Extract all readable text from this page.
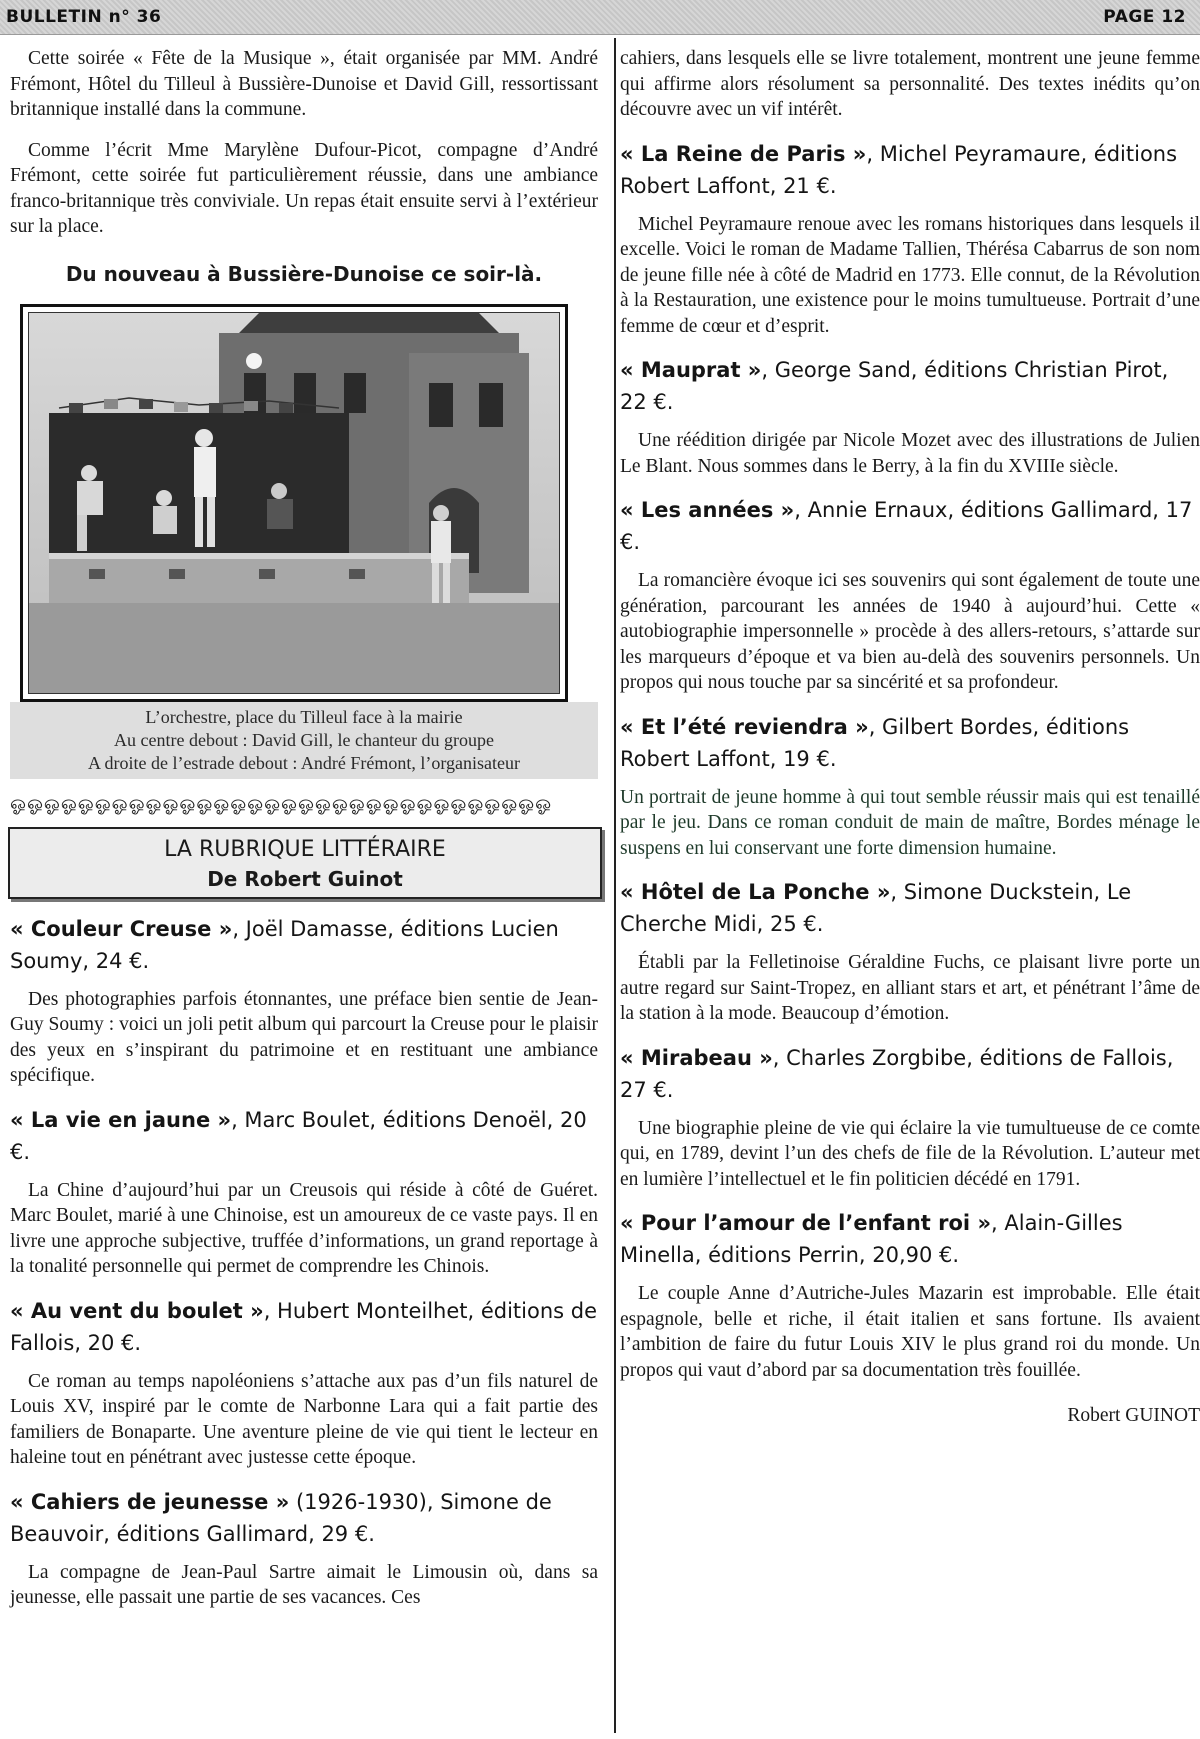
BULLETIN n° 36	PAGE 12

Cette soirée « Fête de la Musique », était organisée par MM. André Frémont, Hôtel du Tilleul à Bussière-Dunoise et David Gill, ressortissant britannique installé dans la commune.

Comme l’écrit Mme Marylène Dufour-Picot, compagne d’André Frémont, cette soirée fut particulièrement réussie, dans une ambiance franco-britannique très conviviale. Un repas était ensuite servi à l’extérieur sur la place.

Du nouveau à Bussière-Dunoise ce soir-là.
L’orchestre, place du Tilleul face à la mairie
Au centre debout : David Gill, le chanteur du groupe
A droite de l’estrade debout : André Frémont, l’organisateur
ஓஓஓஓஓஓஓஓஓஓஓஓஓஓஓஓஓஓஓஓஓஓஓஓஓஓஓஓஓஓஓஓ
LA RUBRIQUE LITTÉRAIRE
De Robert Guinot
« Couleur Creuse », Joël Damasse, éditions Lucien Soumy, 24 €.

Des photographies parfois étonnantes, une préface bien sentie de Jean-Guy Soumy : voici un joli petit album qui parcourt la Creuse pour le plaisir des yeux en s’inspirant du patrimoine et en restituant une ambiance spécifique.

« La vie en jaune », Marc Boulet, éditions Denoël, 20 €.

La Chine d’aujourd’hui par un Creusois qui réside à côté de Guéret. Marc Boulet, marié à une Chinoise, est un amoureux de ce vaste pays. Il en livre une approche subjective, truffée d’informations, un grand reportage à la tonalité personnelle qui permet de comprendre les Chinois.

« Au vent du boulet », Hubert Monteilhet, éditions de Fallois, 20 €.

Ce roman au temps napoléoniens s’attache aux pas d’un fils naturel de Louis XV, inspiré par le comte de Narbonne Lara qui a fait partie des familiers de Bonaparte. Une aventure pleine de vie qui tient le lecteur en haleine tout en pénétrant avec justesse cette époque.

« Cahiers de jeunesse » (1926-1930), Simone de Beauvoir, éditions Gallimard, 29 €.

La compagne de Jean-Paul Sartre aimait le Limousin où, dans sa jeunesse, elle passait une partie de ses vacances. Ces

cahiers, dans lesquels elle se livre totalement, montrent une jeune femme qui affirme alors résolument sa personnalité. Des textes inédits qu’on découvre avec un vif intérêt.

« La Reine de Paris », Michel Peyramaure, éditions Robert Laffont, 21 €.

Michel Peyramaure renoue avec les romans historiques dans lesquels il excelle. Voici le roman de Madame Tallien, Thérésa Cabarrus de son nom de jeune fille née à côté de Madrid en 1773. Elle connut, de la Révolution à la Restauration, une existence pour le moins tumultueuse. Portrait d’une femme de cœur et d’esprit.

« Mauprat », George Sand, éditions Christian Pirot, 22 €.

Une réédition dirigée par Nicole Mozet avec des illustrations de Julien Le Blant. Nous sommes dans le Berry, à la fin du XVIIIe siècle.

« Les années », Annie Ernaux, éditions Gallimard, 17 €.

La romancière évoque ici ses souvenirs qui sont également de toute une génération, parcourant les années de 1940 à aujourd’hui. Cette « autobiographie impersonnelle » procède à des allers-retours, s’attarde sur les marqueurs d’époque et va bien au-delà des souvenirs personnels. Un propos qui nous touche par sa sincérité et sa profondeur.

« Et l’été reviendra », Gilbert Bordes, éditions Robert Laffont, 19 €.

Un portrait de jeune homme à qui tout semble réussir mais qui est tenaillé par le jeu. Dans ce roman conduit de main de maître, Bordes ménage le suspens en lui conservant une forte dimension humaine.

« Hôtel de La Ponche », Simone Duckstein, Le Cherche Midi, 25 €.

Établi par la Felletinoise Géraldine Fuchs, ce plaisant livre porte un autre regard sur Saint-Tropez, en alliant stars et art, et pénétrant l’âme de la station à la mode. Beaucoup d’émotion.

« Mirabeau », Charles Zorgbibe, éditions de Fallois, 27 €.

Une biographie pleine de vie qui éclaire la vie tumultueuse de ce comte qui, en 1789, devint l’un des chefs de file de la Révolution. L’auteur met en lumière l’intellectuel et le fin politicien décédé en 1791.

« Pour l’amour de l’enfant roi », Alain-Gilles Minella, éditions Perrin, 20,90 €.

Le couple Anne d’Autriche-Jules Mazarin est improbable. Elle était espagnole, belle et riche, il était italien et sans fortune. Ils avaient l’ambition de faire du futur Louis XIV le plus grand roi du monde. Un propos qui vaut d’abord par sa documentation très fouillée.

Robert GUINOT
